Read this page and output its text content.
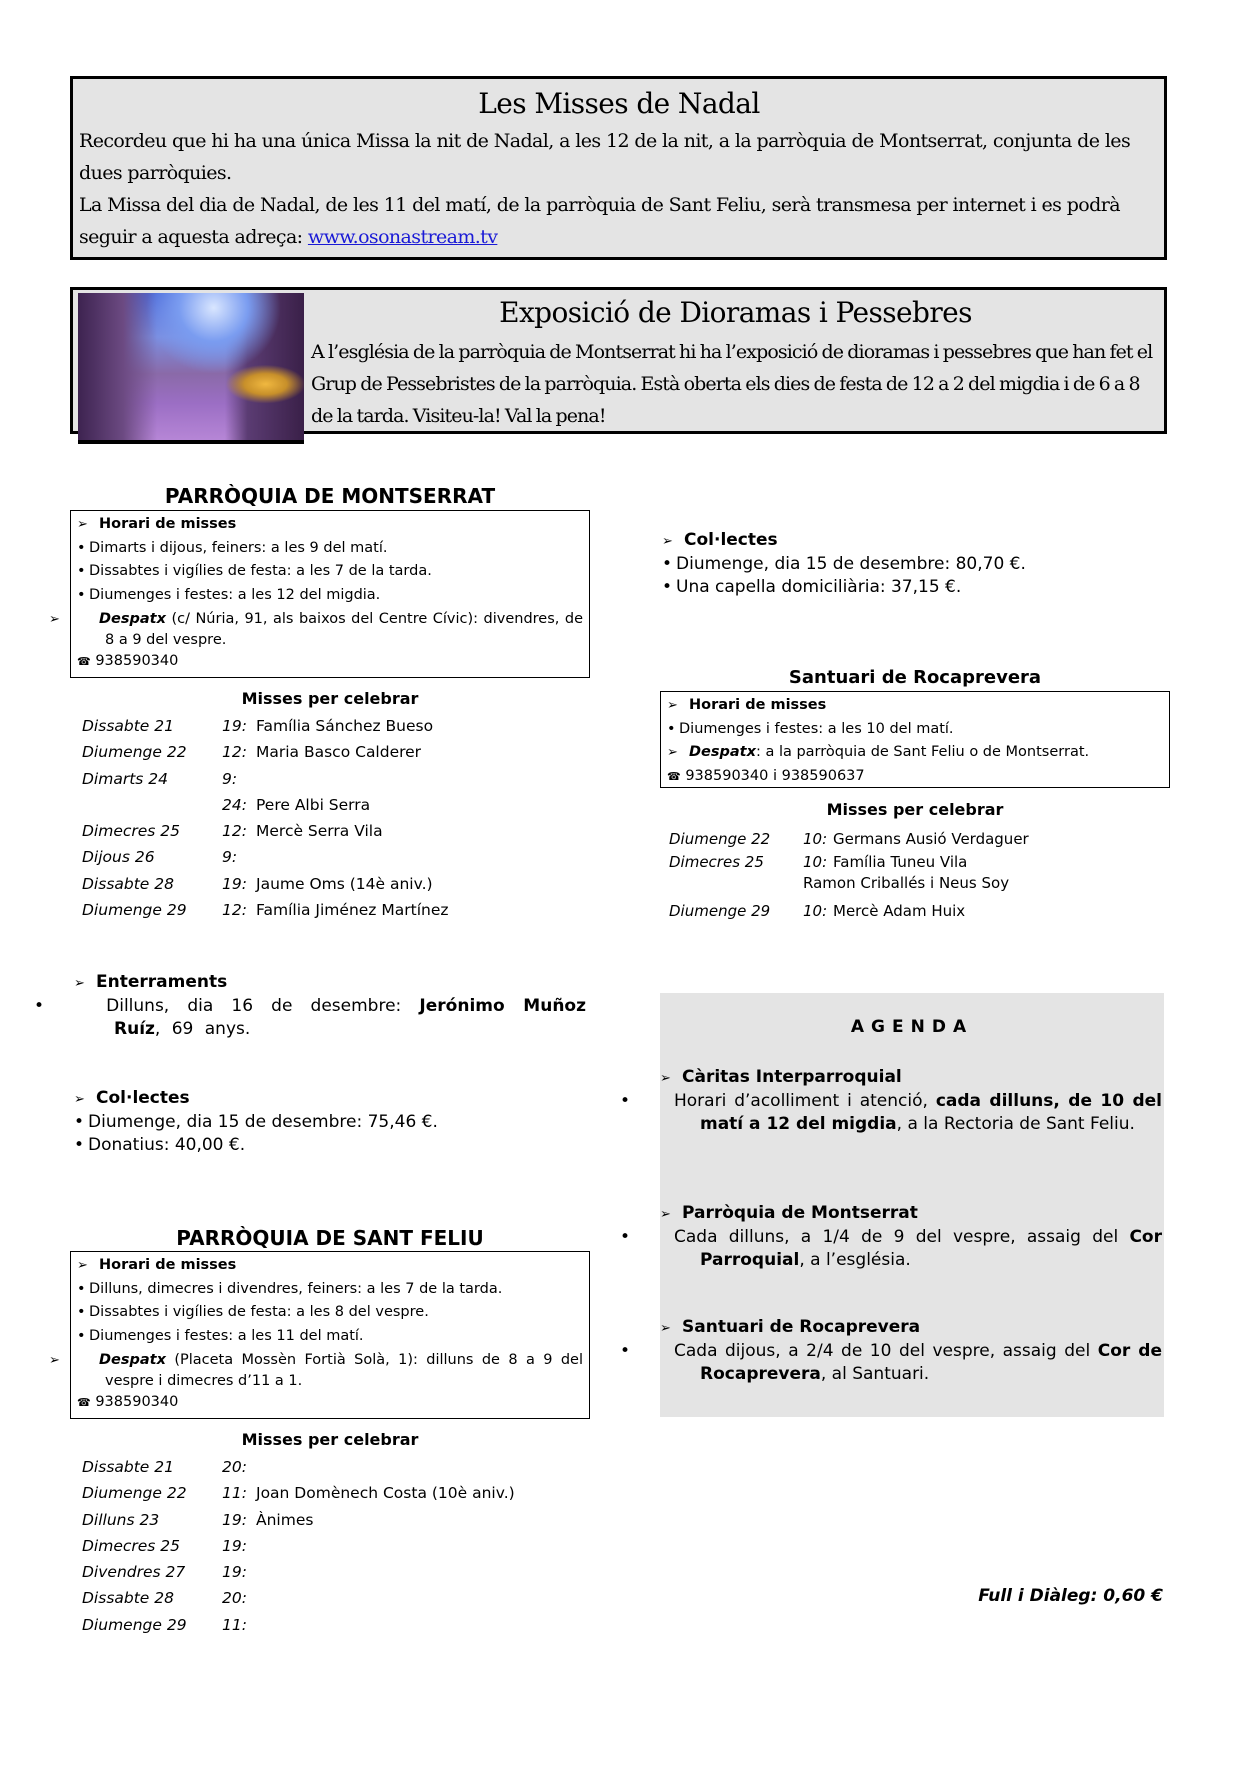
Les Misses de Nadal

Recordeu que hi ha una única Missa la nit de Nadal, a les 12 de la nit, a la parròquia de Montserrat, conjunta de les dues parròquies.

La Missa del dia de Nadal, de les 11 del matí, de la parròquia de Sant Feliu, serà transmesa per internet i es podrà seguir a aquesta adreça: www.osonastream.tv

Exposició de Dioramas i Pessebres

A l’església de la parròquia de Montserrat hi ha l’exposició de dioramas i pessebres que han fet el Grup de Pessebristes de la parròquia. Està oberta els dies de festa de 12 a 2 del migdia i de 6 a 8 de la tarda. Visiteu-la! Val la pena!

PARRÒQUIA DE MONTSERRAT
➢ Horari de misses
• Dimarts i dijous, feiners: a les 9 del matí.
• Dissabtes i vigílies de festa: a les 7 de la tarda.
• Diumenges i festes: a les 12 del migdia.
➢	Despatx (c/ Núria, 91, als baixos del Centre Cívic): divendres, de 8 a 9 del vespre.
☎ 938590340
Misses per celebrar
Dissabte 21	19: Família Sánchez Bueso
Diumenge 22 12: Maria Basco Calderer
Dimarts 24	9:
24: Pere Albi Serra
Dimecres 25	12: Mercè Serra Vila
Dijous 26	9:
Dissabte 28	19: Jaume Oms (14è aniv.)
Diumenge 29 12: Família Jiménez Martínez
➢ Enterraments
•	Dilluns, dia 16 de desembre: Jerónimo Muñoz Ruíz, 69 anys.
➢ Col·lectes
• Diumenge, dia 15 de desembre: 75,46 €.
• Donatius: 40,00 €.
PARRÒQUIA DE SANT FELIU
➢ Horari de misses
• Dilluns, dimecres i divendres, feiners: a les 7 de la tarda.
• Dissabtes i vigílies de festa: a les 8 del vespre.
• Diumenges i festes: a les 11 del matí.
➢	Despatx (Placeta Mossèn Fortià Solà, 1): dilluns de 8 a 9 del vespre i dimecres d’11 a 1.
☎ 938590340
Misses per celebrar
Dissabte 21	20:
Diumenge 22 11: Joan Domènech Costa (10è aniv.)
Dilluns 23	19: Ànimes
Dimecres 25	19:
Divendres 27 19:
Dissabte 28	20:
Diumenge 29 11:
➢ Col·lectes
• Diumenge, dia 15 de desembre: 80,70 €.
• Una capella domiciliària: 37,15 €.
Santuari de Rocaprevera
➢ Horari de misses
• Diumenges i festes: a les 10 del matí.
➢ Despatx: a la parròquia de Sant Feliu o de Montserrat.
☎ 938590340 i 938590637
Misses per celebrar
Diumenge 22 10: Germans Ausió Verdaguer
Dimecres 25	10: Família Tuneu Vila
Ramon Criballés i Neus Soy
Diumenge 29 10: Mercè Adam Huix
AGENDA
➢ Càritas Interparroquial
•	Horari d’acolliment i atenció, cada dilluns, de 10 del matí a 12 del migdia, a la Rectoria de Sant Feliu.
➢ Parròquia de Montserrat
•	Cada dilluns, a 1/4 de 9 del vespre, assaig del Cor Parroquial, a l’església.
➢ Santuari de Rocaprevera
•	Cada dijous, a 2/4 de 10 del vespre, assaig del Cor de Rocaprevera, al Santuari.
Full i Diàleg: 0,60 €
